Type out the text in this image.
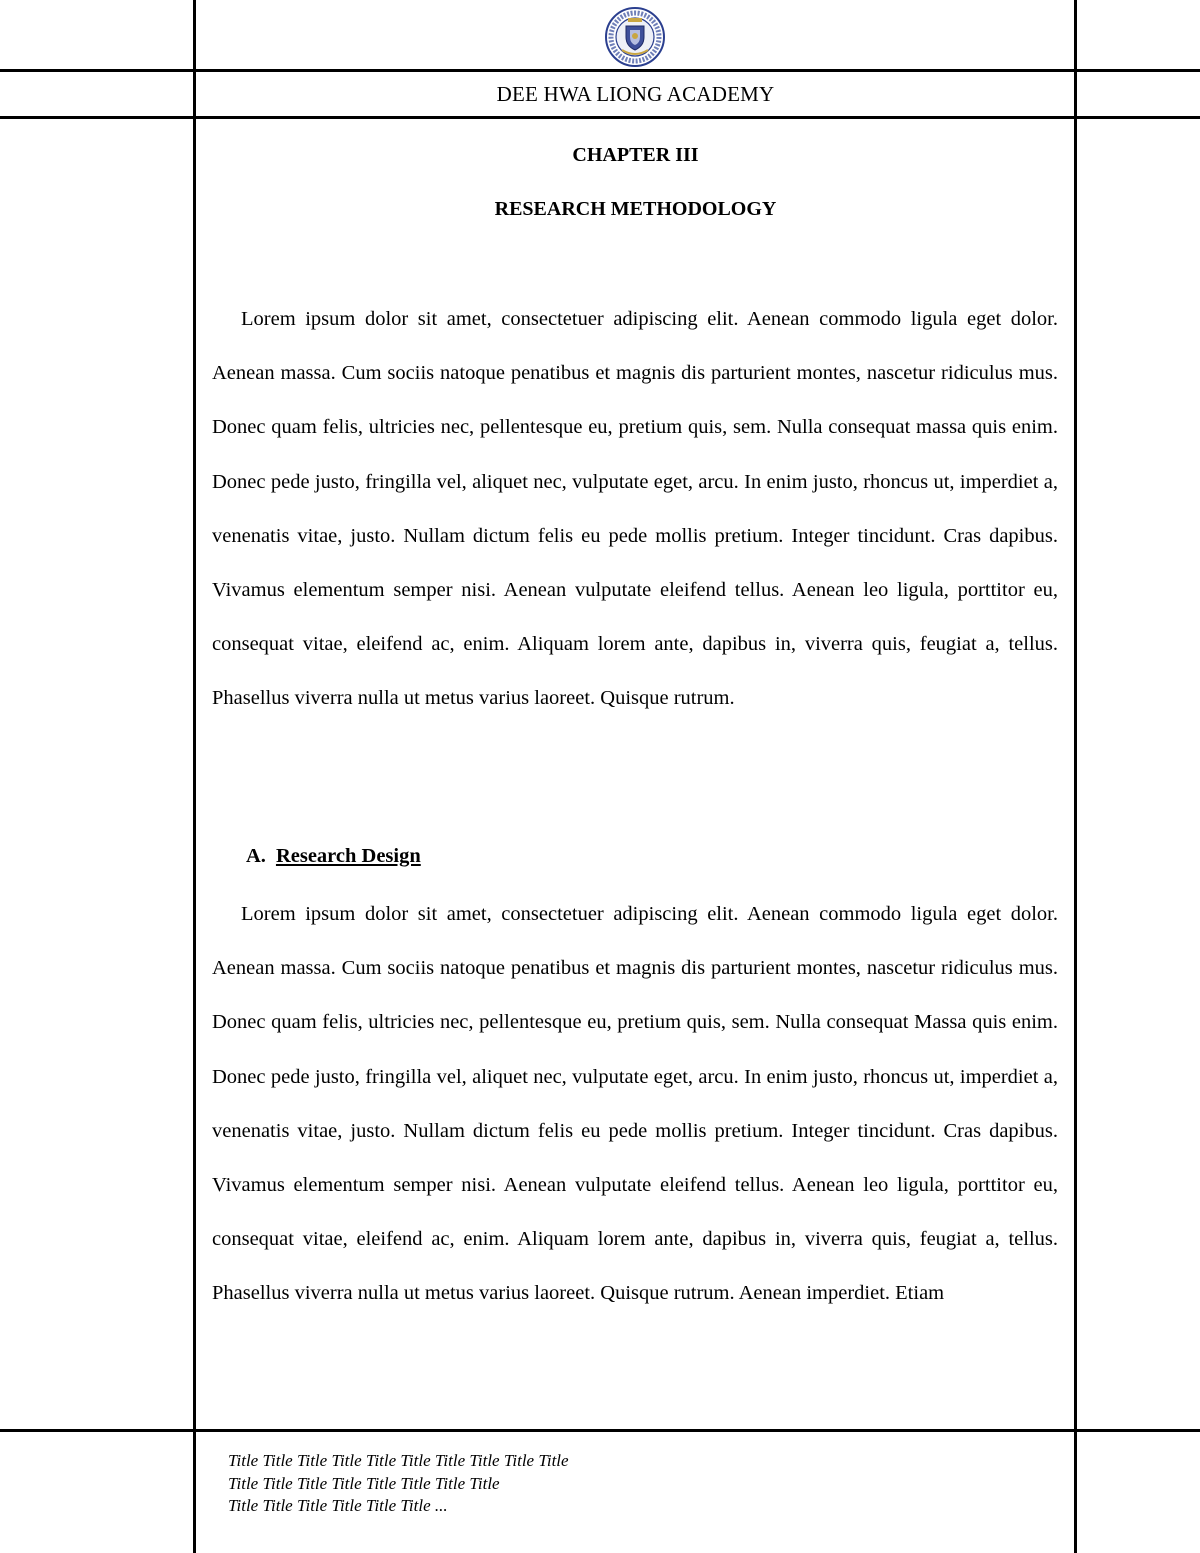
DEE HWA LIONG ACADEMY
CHAPTER III
RESEARCH METHODOLOGY

Lorem ipsum dolor sit amet, consectetuer adipiscing elit. Aenean commodo ligula eget dolor. Aenean massa. Cum sociis natoque penatibus et magnis dis parturient montes, nascetur ridiculus mus. Donec quam felis, ultricies nec, pellentesque eu, pretium quis, sem. Nulla consequat massa quis enim. Donec pede justo, fringilla vel, aliquet nec, vulputate eget, arcu. In enim justo, rhoncus ut, imperdiet a, venenatis vitae, justo. Nullam dictum felis eu pede mollis pretium. Integer tincidunt. Cras dapibus. Vivamus elementum semper nisi. Aenean vulputate eleifend tellus. Aenean leo ligula, porttitor eu, consequat vitae, eleifend ac, enim. Aliquam lorem ante, dapibus in, viverra quis, feugiat a, tellus. Phasellus viverra nulla ut metus varius laoreet. Quisque rutrum.

A. Research Design

Lorem ipsum dolor sit amet, consectetuer adipiscing elit. Aenean commodo ligula eget dolor. Aenean massa. Cum sociis natoque penatibus et magnis dis parturient montes, nascetur ridiculus mus. Donec quam felis, ultricies nec, pellentesque eu, pretium quis, sem. Nulla consequat Massa quis enim. Donec pede justo, fringilla vel, aliquet nec, vulputate eget, arcu. In enim justo, rhoncus ut, imperdiet a, venenatis vitae, justo. Nullam dictum felis eu pede mollis pretium. Integer tincidunt. Cras dapibus. Vivamus elementum semper nisi. Aenean vulputate eleifend tellus. Aenean leo ligula, porttitor eu, consequat vitae, eleifend ac, enim. Aliquam lorem ante, dapibus in, viverra quis, feugiat a, tellus. Phasellus viverra nulla ut metus varius laoreet. Quisque rutrum. Aenean imperdiet. Etiam

Title Title Title Title Title Title Title Title Title Title
Title Title Title Title Title Title Title Title
Title Title Title Title Title Title ...
